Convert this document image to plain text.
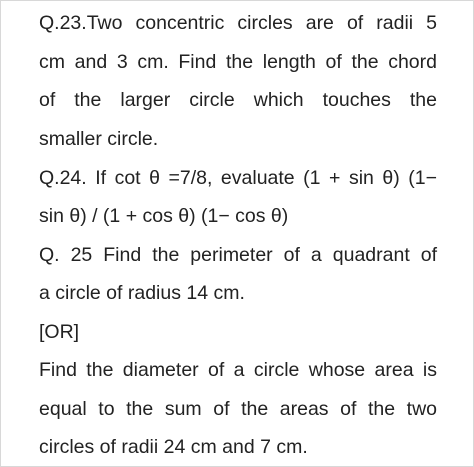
Q.23.Two concentric circles are of radii 5
cm and 3 cm. Find the length of the chord
of the larger circle which touches the
smaller circle.
Q.24. If cot θ =7/8, evaluate (1 + sin θ) (1−
sin θ) / (1 + cos θ) (1− cos θ)
Q. 25 Find the perimeter of a quadrant of
a circle of radius 14 cm.
[OR]
Find the diameter of a circle whose area is
equal to the sum of the areas of the two
circles of radii 24 cm and 7 cm.
